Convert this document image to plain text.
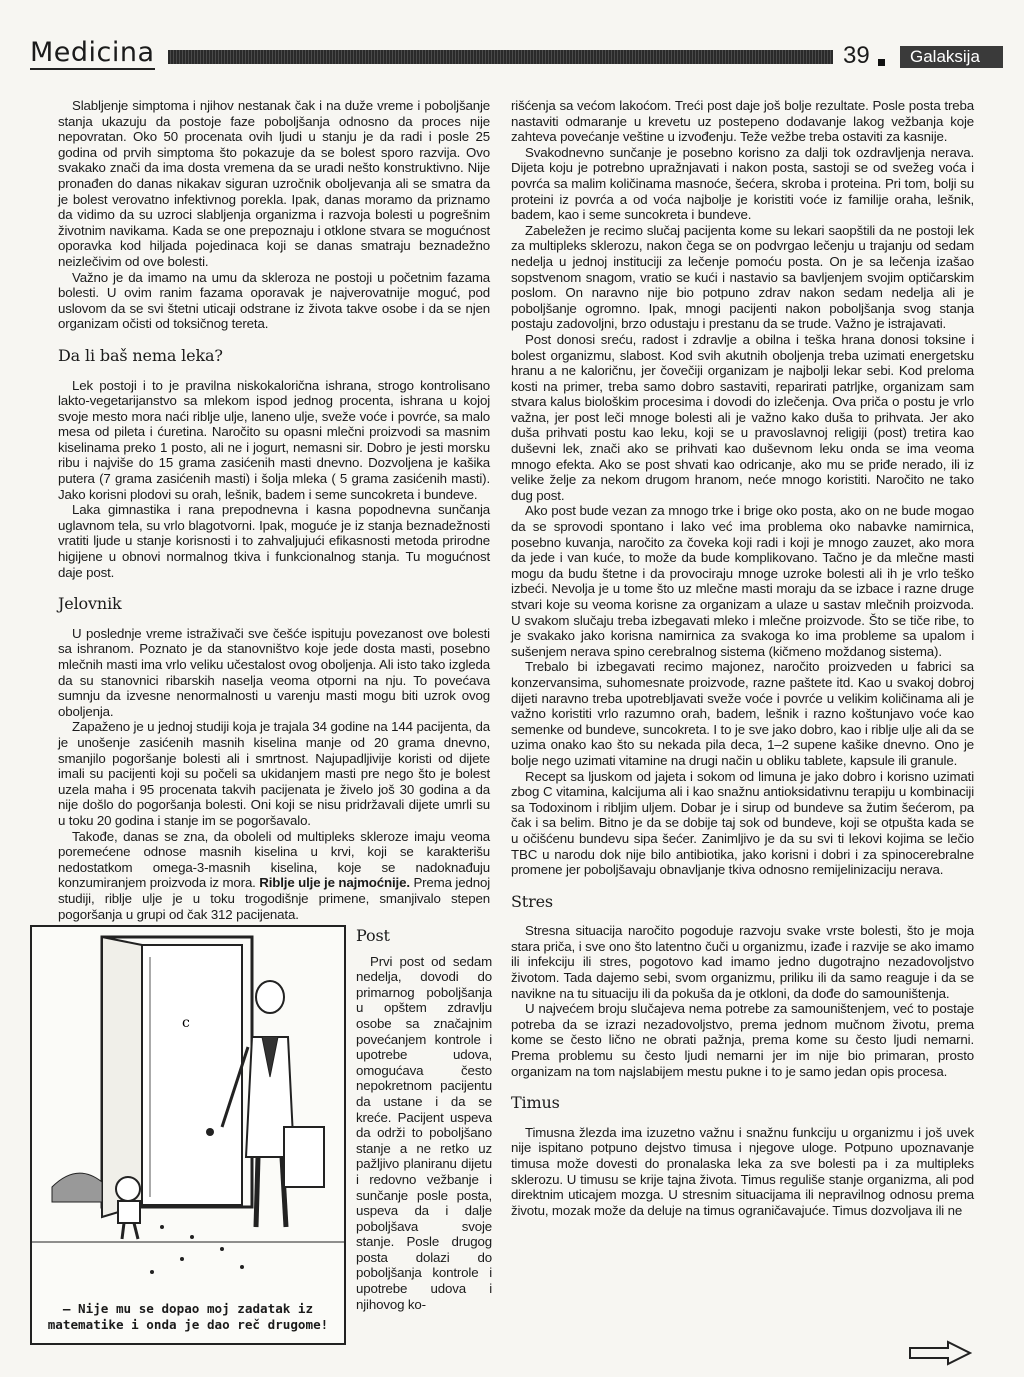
Medicina	39	Galaksija

Slabljenje simptoma i njihov nestanak čak i na duže vreme i poboljšanje stanja ukazuju da postoje faze poboljšanja odnosno da proces nije nepovratan. Oko 50 procenata ovih ljudi u stanju je da radi i posle 25 godina od prvih simptoma što pokazuje da se bolest sporo razvija. Ovo svakako znači da ima dosta vremena da se uradi nešto konstruktivno. Nije pronađen do danas nikakav siguran uzročnik obolјevanja ali se smatra da je bolest verovatno infektivnog porekla. Ipak, danas moramo da priznamo da vidimo da su uzroci slabljenja organizma i razvoja bolesti u pogrešnim životnim navikama. Kada se one prepoznaju i otklone stvara se mogućnost oporavka kod hiljada pojedinaca koji se danas smatraju beznadežno neizlečivim od ove bolesti.

Važno je da imamo na umu da skleroza ne postoji u početnim fazama bolesti. U ovim ranim fazama oporavak je najverovatnije moguć, pod uslovom da se svi štetni uticaji odstrane iz života takve osobe i da se njen organizam očisti od toksičnog tereta.

Da li baš nema leka?

Lek postoji i to je pravilna niskokalorična ishrana, strogo kontrolisano lakto-vegetarijanstvo sa mlekom ispod jednog procenta, ishrana u kojoj svoje mesto mora naći riblje ulje, laneno ulje, sveže voće i povrće, sa malo mesa od pileta i ćuretina. Naročito su opasni mlečni proizvodi sa masnim kiselinama preko 1 posto, ali ne i jogurt, nemasni sir. Dobro je jesti morsku ribu i najviše do 15 grama zasićenih masti dnevno. Dozvoljena je kašika putera (7 grama zasićenih masti) i šolja mleka ( 5 grama zasićenih masti). Jako korisni plodovi su orah, lešnik, badem i seme suncokreta i bundeve.

Laka gimnastika i rana prepodnevna i kasna popodnevna sunčanja uglavnom tela, su vrlo blagotvorni. Ipak, moguće je iz stanja beznadežnosti vratiti ljude u stanje korisnosti i to zahvaljujući efikasnosti metoda prirodne higijene u obnovi normalnog tkiva i funkcionalnog stanja. Tu mogućnost daje post.

Jelovnik

U poslednje vreme istraživači sve češće ispituju povezanost ove bolesti sa ishranom. Poznato je da stanovništvo koje jede dosta masti, posebno mlečnih masti ima vrlo veliku učestalost ovog oboljenja. Ali isto tako izgleda da su stanovnici ribarskih naselja veoma otporni na nju. To povećava sumnju da izvesne nenormalnosti u varenju masti mogu biti uzrok ovog oboljenja.

Zapaženo je u jednoj studiji koja je trajala 34 godine na 144 pacijenta, da je unošenje zasićenih masnih kiselina manje od 20 grama dnevno, smanjilo pogoršanje bolesti ali i smrtnost. Najupadljivije koristi od dijete imali su pacijenti koji su počeli sa ukidanjem masti pre nego što je bolest uzela maha i 95 procenata takvih pacijenata je živelo još 30 godina a da nije došlo do pogoršanja bolesti. Oni koji se nisu pridržavali dijete umrli su u toku 20 godina i stanje im se pogoršavalo.

Takođe, danas se zna, da oboleli od multipleks skleroze imaju veoma poremećene odnose masnih kiselina u krvi, koji se karakterišu nedostatkom omega-3-masnih kiselina, koje se nadoknađuju konzumiranjem proizvoda iz mora. Riblje ulje je najmoćnije. Prema jednoj studiji, riblje ulje je u toku trogodišnje primene, smanjivalo stepen pogoršanja u grupi od čak 312 pacijenata.

c
– Nije mu se dopao moj zadatak iz
matematike i onda je dao reč drugome!
Post

Prvi post od sedam nedelja, dovodi do primarnog poboljšanja u opštem zdravlju osobe sa značajnim povećanjem kontrole i upotrebe udova, omogućava često nepokretnom pacijentu da ustane i da se kreće. Pacijent uspeva da održi to poboljšano stanje a ne retko uz pažljivo planiranu dijetu i redovno vežbanje i sunčanje posle posta, uspeva da i dalje poboljšava svoje stanje. Posle drugog posta dolazi do poboljšanja kontrole i upotrebe udova i njihovog ko-

rišćenja sa većom lakoćom. Treći post daje još bolje rezultate. Posle posta treba nastaviti odmaranje u krevetu uz postepeno dodavanje lakog vežbanja koje zahteva povećanje veštine u izvođenju. Teže vežbe treba ostaviti za kasnije.

Svakodnevno sunčanje je posebno korisno za dalji tok ozdravljenja nerava. Dijeta koju je potrebno upražnjavati i nakon posta, sastoji se od svežeg voća i povrća sa malim količinama masnoće, šećera, skroba i proteina. Pri tom, bolji su proteini iz povrća a od voća najbolje je koristiti voće iz familije oraha, lešnik, badem, kao i seme suncokreta i bundeve.

Zabeležen je recimo slučaj pacijenta kome su lekari saopštili da ne postoji lek za multipleks sklerozu, nakon čega se on podvrgao lečenju u trajanju od sedam nedelja u jednoj instituciji za lečenje pomoću posta. On je sa lečenja izašao sopstvenom snagom, vratio se kući i nastavio sa bavljenjem svojim optičarskim poslom. On naravno nije bio potpuno zdrav nakon sedam nedelja ali je poboljšanje ogromno. Ipak, mnogi pacijenti nakon poboljšanja svog stanja postaju zadovoljni, brzo odustaju i prestanu da se trude. Važno je istrajavati.

Post donosi sreću, radost i zdravlje a obilna i teška hrana donosi toksine i bolest organizmu, slabost. Kod svih akutnih oboljenja treba uzimati energetsku hranu a ne kaloričnu, jer čovečiji organizam je najbolji lekar sebi. Kod preloma kosti na primer, treba samo dobro sastaviti, reparirati patrljke, organizam sam stvara kalus biološkim procesima i dovodi do izlečenja. Ova priča o postu je vrlo važna, jer post leči mnoge bolesti ali je važno kako duša to prihvata. Jer ako duša prihvati postu kao leku, koji se u pravoslavnoj religiji (post) tretira kao duševni lek, znači ako se prihvati kao duševnom leku onda se ima veoma mnogo efekta. Ako se post shvati kao odricanje, ako mu se priđe nerado, ili iz velike želje za nekom drugom hranom, neće mnogo koristiti. Naročito ne tako dug post.

Ako post bude vezan za mnogo trke i brige oko posta, ako on ne bude mogao da se sprovodi spontano i lako već ima problema oko nabavke namirnica, posebno kuvanja, naročito za čoveka koji radi i koji je mnogo zauzet, ako mora da jede i van kuće, to može da bude komplikovano. Tačno je da mlečne masti mogu da budu štetne i da provociraju mnoge uzroke bolesti ali ih je vrlo teško izbeći. Nevolja je u tome što uz mlečne masti moraju da se izbace i razne druge stvari koje su veoma korisne za organizam a ulaze u sastav mlečnih proizvoda. U svakom slučaju treba izbegavati mleko i mlečne proizvode. Što se tiče ribe, to je svakako jako korisna namirnica za svakoga ko ima probleme sa upalom i sušenjem nerava spino cerebralnog sistema (kičmeno moždanog sistema).

Trebalo bi izbegavati recimo majonez, naročito proizveden u fabrici sa konzervansima, suhomesnate proizvode, razne paštete itd. Kao u svakoj dobroj dijeti naravno treba upotrebljavati sveže voće i povrće u velikim količinama ali je važno koristiti vrlo razumno orah, badem, lešnik i razno koštunjavo voće kao semenke od bundeve, suncokreta. I to je sve jako dobro, kao i riblje ulje ali da se uzima onako kao što su nekada pila deca, 1–2 supene kašike dnevno. Ono je bolje nego uzimati vitamine na drugi način u obliku tablete, kapsule ili granule.

Recept sa ljuskom od jajeta i sokom od limuna je jako dobro i korisno uzimati zbog C vitamina, kalcijuma ali i kao snažnu antioksidativnu terapiju u kombinaciji sa Todoxinom i ribljim uljem. Dobar je i sirup od bundeve sa žutim šećerom, pa čak i sa belim. Bitno je da se dobije taj sok od bundeve, koji se otpušta kada se u očišćenu bundevu sipa šećer. Zanimljivo je da su svi ti lekovi kojima se lečio TBC u narodu dok nije bilo antibiotika, jako korisni i dobri i za spinocerebralne promene jer poboljšavaju obnavljanje tkiva odnosno remijelinizaciju nerava.

Stres

Stresna situacija naročito pogoduje razvoju svake vrste bolesti, što je moja stara priča, i sve ono što latentno čuči u organizmu, izađe i razvije se ako imamo ili infekciju ili stres, pogotovo kad imamo jedno dugotrajno nezadovoljstvo životom. Tada dajemo sebi, svom organizmu, priliku ili da samo reaguje i da se navikne na tu situaciju ili da pokuša da je otkloni, da dođe do samouništenja.

U najvećem broju slučajeva nema potrebe za samouništenjem, već to postaje potreba da se izrazi nezadovoljstvo, prema jednom mučnom životu, prema kome se često lično ne obrati pažnja, prema kome su često ljudi nemarni. Prema problemu su često ljudi nemarni jer im nije bio primaran, prosto organizam na tom najslabijem mestu pukne i to je samo jedan opis procesa.

Timus

Timusna žlezda ima izuzetno važnu i snažnu funkciju u organizmu i još uvek nije ispitano potpuno dejstvo timusa i njegove uloge. Potpuno upoznavanje timusa može dovesti do pronalaska leka za sve bolesti pa i za multipleks sklerozu. U timusu se krije tajna života. Timus reguliše stanje organizma, ali pod direktnim uticajem mozga. U stresnim situacijama ili nepravilnog odnosu prema životu, mozak može da deluje na timus ograničavajuće. Timus dozvoljava ili ne
